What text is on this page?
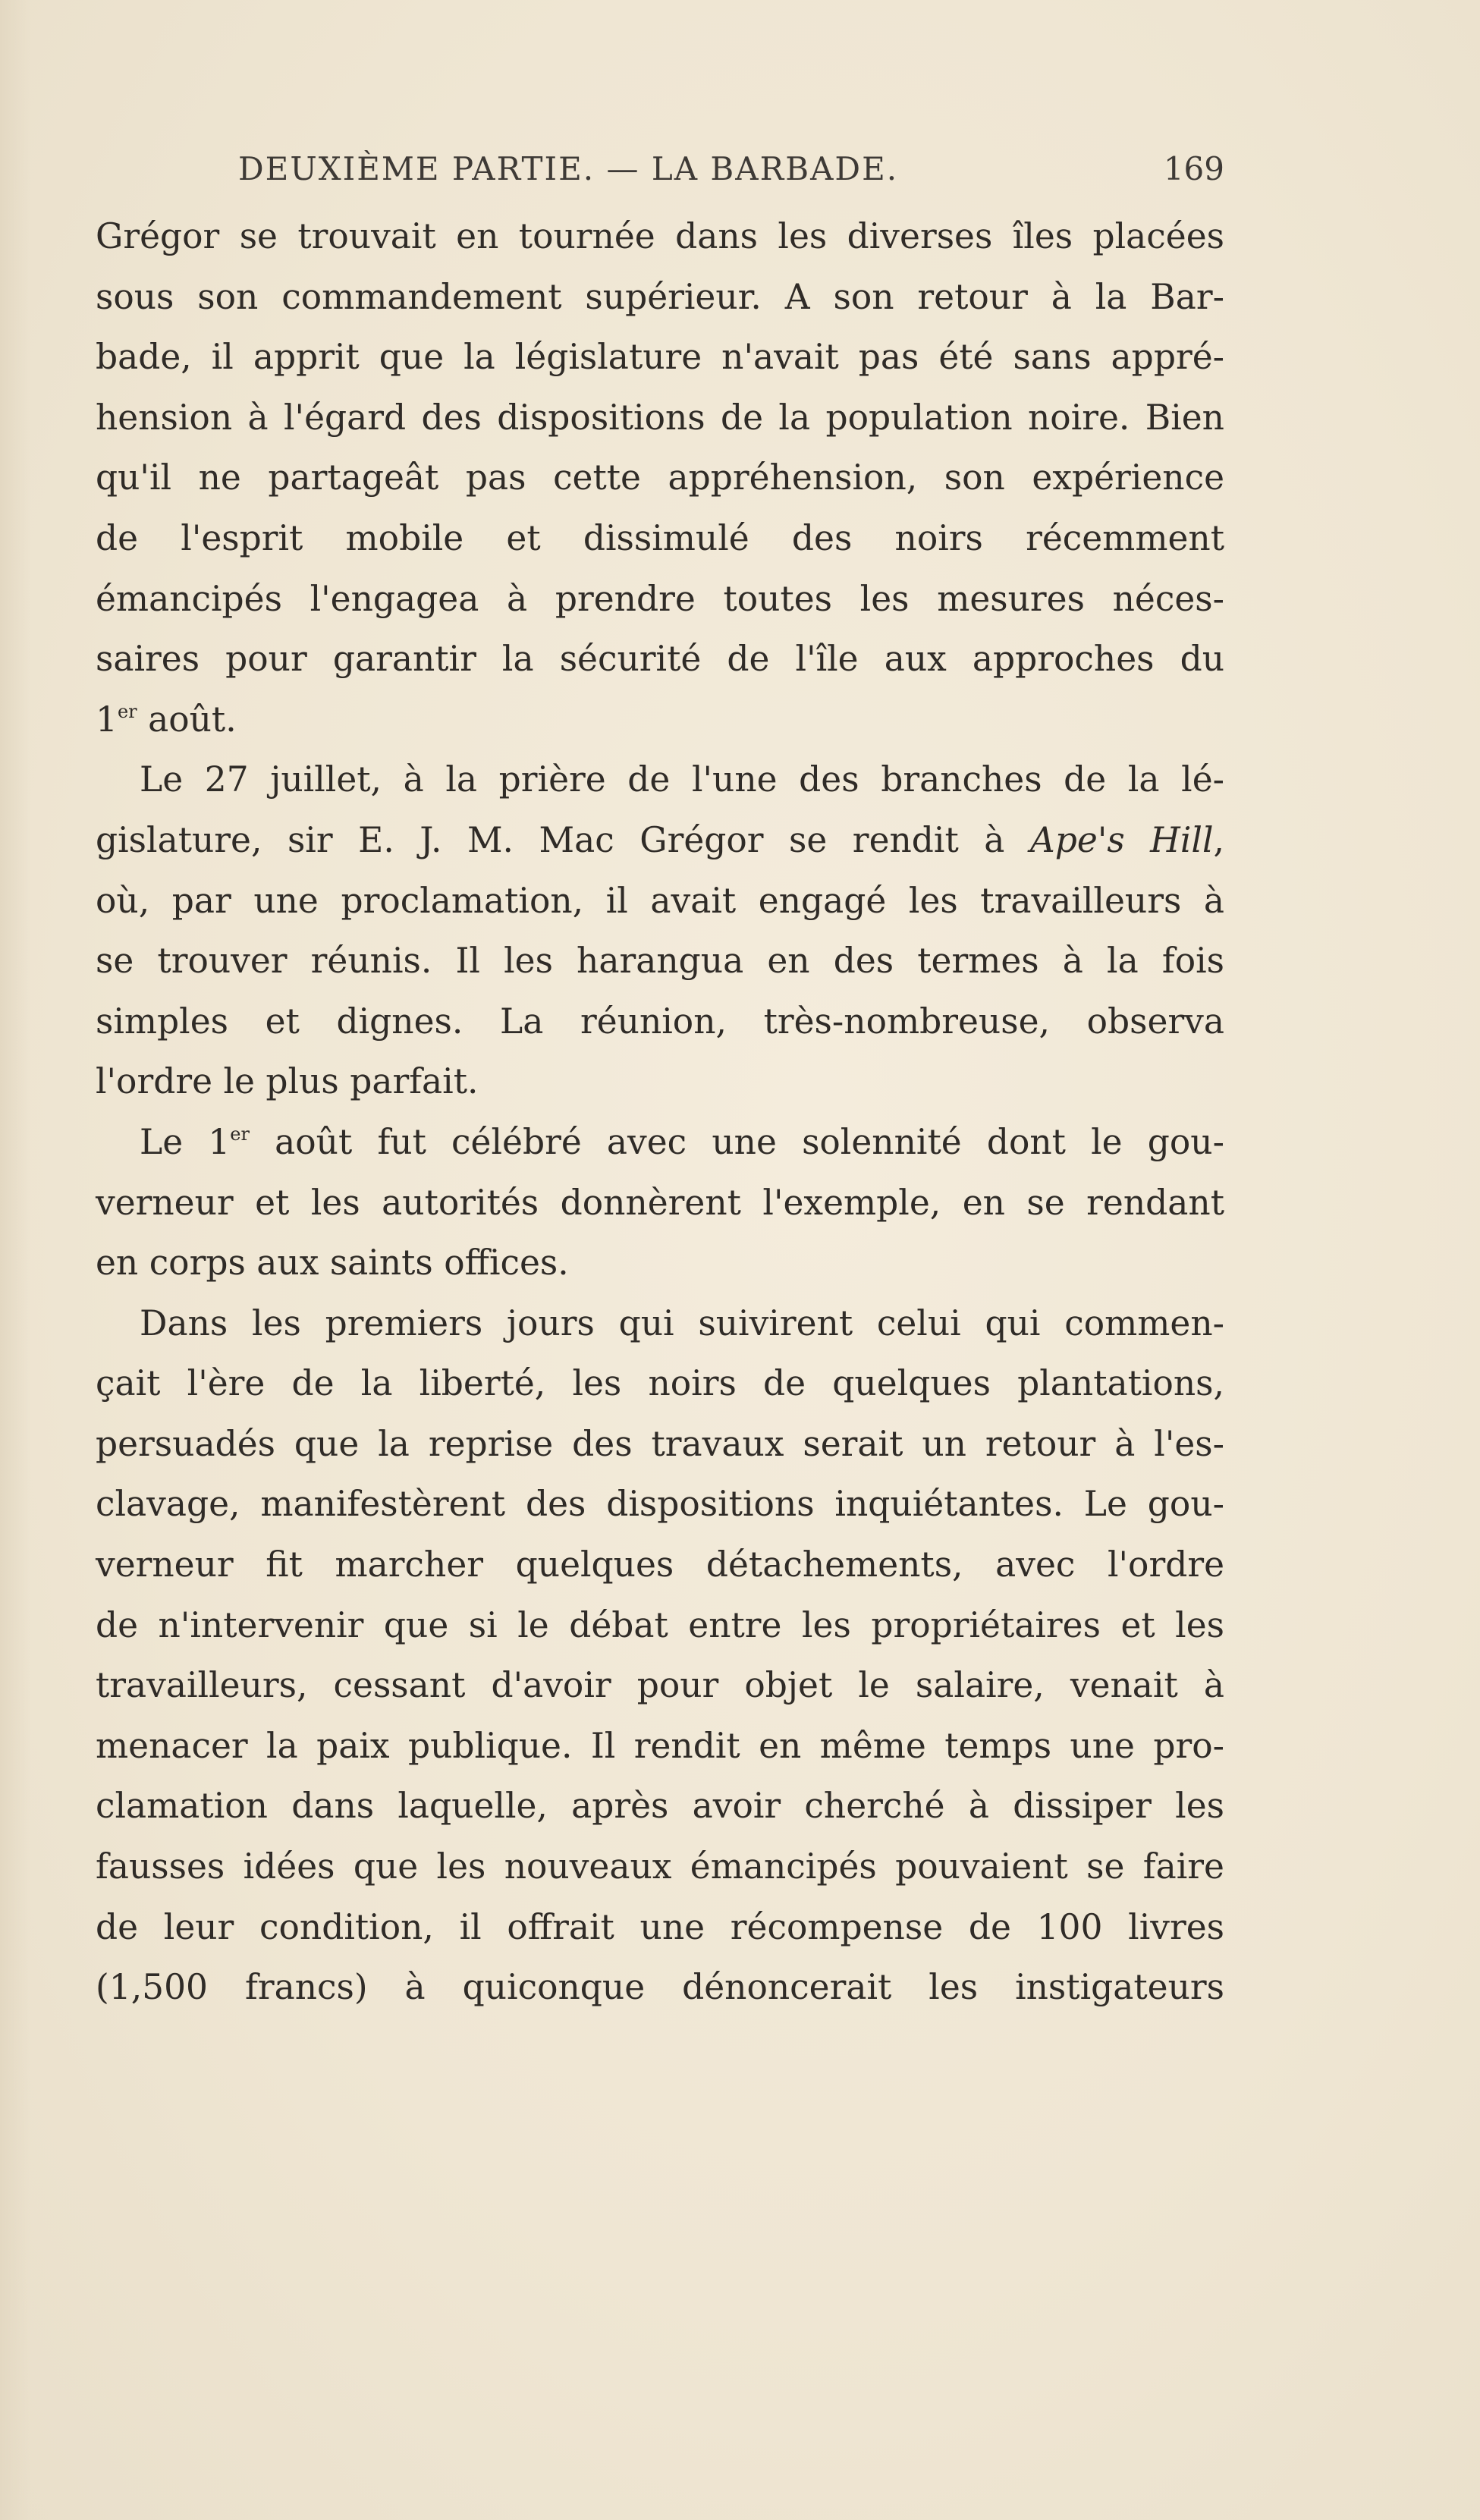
DEUXIÈME PARTIE. — LA BARBADE.	169
Grégor se trouvait en tournée dans les diverses îles placées
sous son commandement supérieur. A son retour à la Bar-
bade, il apprit que la législature n'avait pas été sans appré-
hension à l'égard des dispositions de la population noire. Bien
qu'il ne partageât pas cette appréhension, son expérience
de l'esprit mobile et dissimulé des noirs récemment
émancipés l'engagea à prendre toutes les mesures néces-
saires pour garantir la sécurité de l'île aux approches du
1er août.
Le 27 juillet, à la prière de l'une des branches de la lé-
gislature, sir E. J. M. Mac Grégor se rendit à Ape's Hill,
où, par une proclamation, il avait engagé les travailleurs à
se trouver réunis. Il les harangua en des termes à la fois
simples et dignes. La réunion, très-nombreuse, observa
l'ordre le plus parfait.
Le 1er août fut célébré avec une solennité dont le gou-
verneur et les autorités donnèrent l'exemple, en se rendant
en corps aux saints offices.
Dans les premiers jours qui suivirent celui qui commen-
çait l'ère de la liberté, les noirs de quelques plantations,
persuadés que la reprise des travaux serait un retour à l'es-
clavage, manifestèrent des dispositions inquiétantes. Le gou-
verneur fit marcher quelques détachements, avec l'ordre
de n'intervenir que si le débat entre les propriétaires et les
travailleurs, cessant d'avoir pour objet le salaire, venait à
menacer la paix publique. Il rendit en même temps une pro-
clamation dans laquelle, après avoir cherché à dissiper les
fausses idées que les nouveaux émancipés pouvaient se faire
de leur condition, il offrait une récompense de 100 livres
(1,500 francs) à quiconque dénoncerait les instigateurs
